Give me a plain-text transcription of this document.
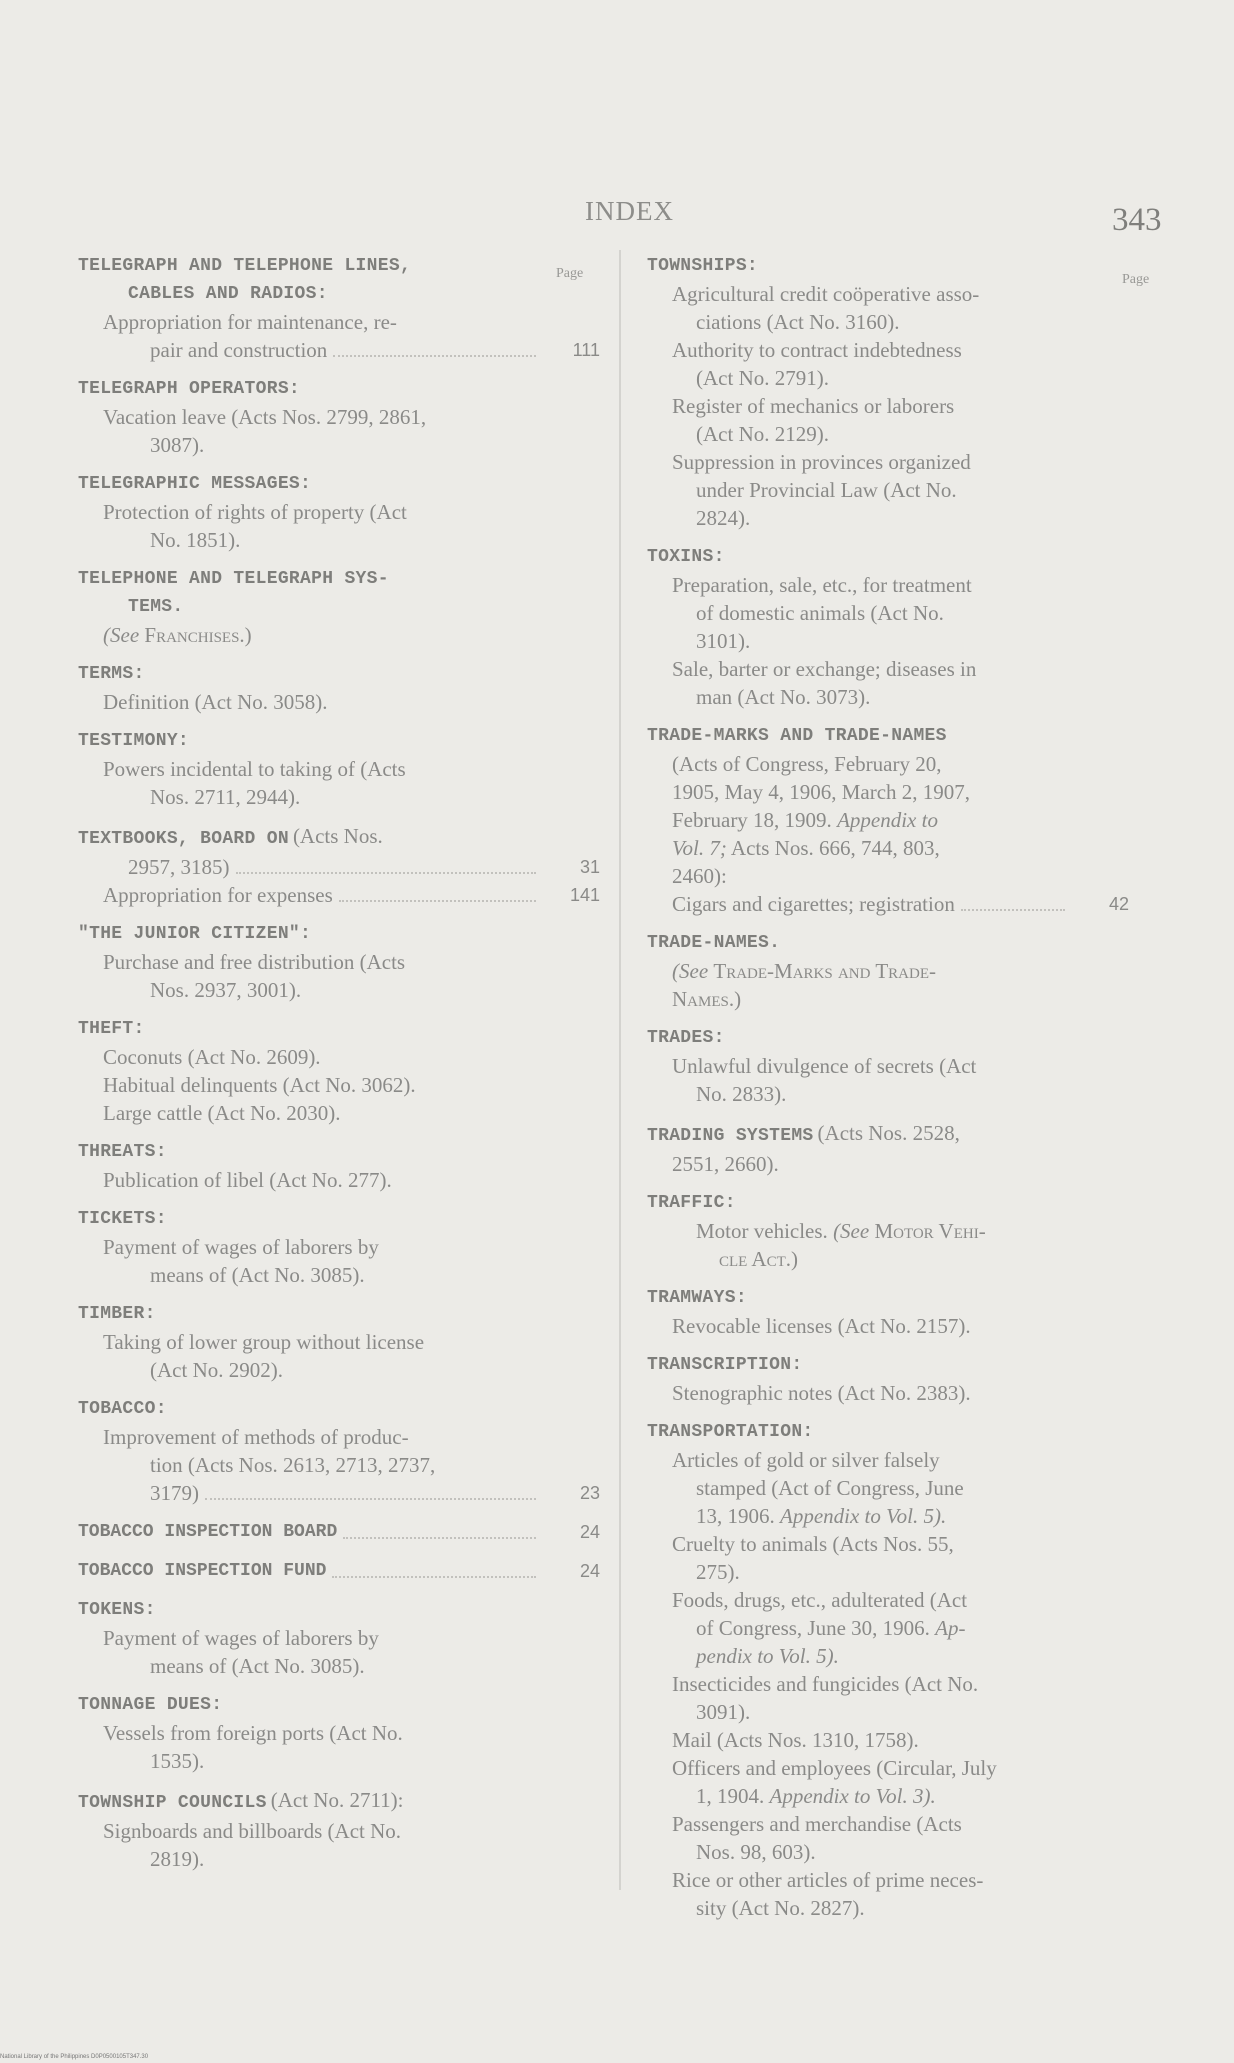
INDEX	343
Page	Page
TELEGRAPH AND TELEPHONE LINES,
CABLES AND RADIOS:
Appropriation for maintenance, re-
pair and construction	111
TELEGRAPH OPERATORS:
Vacation leave (Acts Nos. 2799, 2861,
3087).
TELEGRAPHIC MESSAGES:
Protection of rights of property (Act
No. 1851).
TELEPHONE AND TELEGRAPH SYS-
TEMS.
(See Franchises.)
TERMS:
Definition (Act No. 3058).
TESTIMONY:
Powers incidental to taking of (Acts
Nos. 2711, 2944).
TEXTBOOKS, BOARD ON (Acts Nos.
2957, 3185)	31
Appropriation for expenses	141
"THE JUNIOR CITIZEN":
Purchase and free distribution (Acts
Nos. 2937, 3001).
THEFT:
Coconuts (Act No. 2609).
Habitual delinquents (Act No. 3062).
Large cattle (Act No. 2030).
THREATS:
Publication of libel (Act No. 277).
TICKETS:
Payment of wages of laborers by
means of (Act No. 3085).
TIMBER:
Taking of lower group without license
(Act No. 2902).
TOBACCO:
Improvement of methods of produc-
tion (Acts Nos. 2613, 2713, 2737,
3179)	23
TOBACCO INSPECTION BOARD	24
TOBACCO INSPECTION FUND	24
TOKENS:
Payment of wages of laborers by
means of (Act No. 3085).
TONNAGE DUES:
Vessels from foreign ports (Act No.
1535).
TOWNSHIP COUNCILS (Act No. 2711):
Signboards and billboards (Act No.
2819).
TOWNSHIPS:
Agricultural credit coöperative asso-
ciations (Act No. 3160).
Authority to contract indebtedness
(Act No. 2791).
Register of mechanics or laborers
(Act No. 2129).
Suppression in provinces organized
under Provincial Law (Act No.
2824).
TOXINS:
Preparation, sale, etc., for treatment
of domestic animals (Act No.
3101).
Sale, barter or exchange; diseases in
man (Act No. 3073).
TRADE-MARKS AND TRADE-NAMES
(Acts of Congress, February 20,
1905, May 4, 1906, March 2, 1907,
February 18, 1909. Appendix to
Vol. 7; Acts Nos. 666, 744, 803,
2460):
Cigars and cigarettes; registration	42
TRADE-NAMES.
(See Trade-Marks and Trade-
Names.)
TRADES:
Unlawful divulgence of secrets (Act
No. 2833).
TRADING SYSTEMS (Acts Nos. 2528,
2551, 2660).
TRAFFIC:
Motor vehicles. (See Motor Vehi-
cle Act.)
TRAMWAYS:
Revocable licenses (Act No. 2157).
TRANSCRIPTION:
Stenographic notes (Act No. 2383).
TRANSPORTATION:
Articles of gold or silver falsely
stamped (Act of Congress, June
13, 1906. Appendix to Vol. 5).
Cruelty to animals (Acts Nos. 55,
275).
Foods, drugs, etc., adulterated (Act
of Congress, June 30, 1906. Ap-
pendix to Vol. 5).
Insecticides and fungicides (Act No.
3091).
Mail (Acts Nos. 1310, 1758).
Officers and employees (Circular, July
1, 1904. Appendix to Vol. 3).
Passengers and merchandise (Acts
Nos. 98, 603).
Rice or other articles of prime neces-
sity (Act No. 2827).
National Library of the Philippines D0P0500105T347.30
